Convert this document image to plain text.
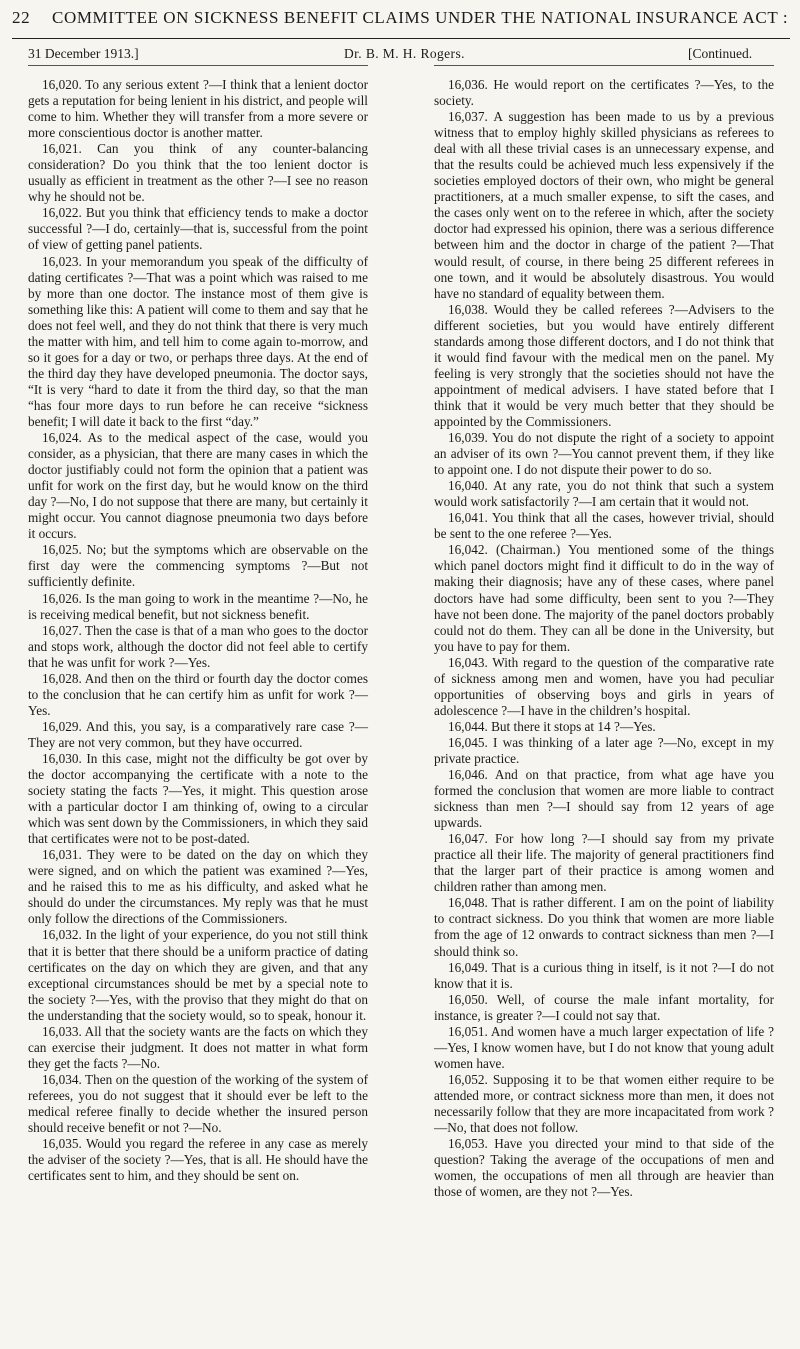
22	COMMITTEE ON SICKNESS BENEFIT CLAIMS UNDER THE NATIONAL INSURANCE ACT :
31 December 1913.]	Dr. B. M. H. Rogers.	[Continued.

16,020. To any serious extent ?—I think that a lenient doctor gets a reputation for being lenient in his district, and people will come to him. Whether they will transfer from a more severe or more conscientious doctor is another matter.

16,021. Can you think of any counter-balancing consideration? Do you think that the too lenient doctor is usually as efficient in treatment as the other ?—I see no reason why he should not be.

16,022. But you think that efficiency tends to make a doctor successful ?—I do, certainly—that is, successful from the point of view of getting panel patients.

16,023. In your memorandum you speak of the difficulty of dating certificates ?—That was a point which was raised to me by more than one doctor. The instance most of them give is something like this: A patient will come to them and say that he does not feel well, and they do not think that there is very much the matter with him, and tell him to come again to-morrow, and so it goes for a day or two, or perhaps three days. At the end of the third day they have developed pneumonia. The doctor says, “It is very “hard to date it from the third day, so that the man “has four more days to run before he can receive “sickness benefit; I will date it back to the first “day.”

16,024. As to the medical aspect of the case, would you consider, as a physician, that there are many cases in which the doctor justifiably could not form the opinion that a patient was unfit for work on the first day, but he would know on the third day ?—No, I do not suppose that there are many, but certainly it might occur. You cannot diagnose pneumonia two days before it occurs.

16,025. No; but the symptoms which are observable on the first day were the commencing symptoms ?—But not sufficiently definite.

16,026. Is the man going to work in the meantime ?—No, he is receiving medical benefit, but not sickness benefit.

16,027. Then the case is that of a man who goes to the doctor and stops work, although the doctor did not feel able to certify that he was unfit for work ?—Yes.

16,028. And then on the third or fourth day the doctor comes to the conclusion that he can certify him as unfit for work ?—Yes.

16,029. And this, you say, is a comparatively rare case ?—They are not very common, but they have occurred.

16,030. In this case, might not the difficulty be got over by the doctor accompanying the certificate with a note to the society stating the facts ?—Yes, it might. This question arose with a particular doctor I am thinking of, owing to a circular which was sent down by the Commissioners, in which they said that certificates were not to be post-dated.

16,031. They were to be dated on the day on which they were signed, and on which the patient was examined ?—Yes, and he raised this to me as his difficulty, and asked what he should do under the circumstances. My reply was that he must only follow the directions of the Commissioners.

16,032. In the light of your experience, do you not still think that it is better that there should be a uniform practice of dating certificates on the day on which they are given, and that any exceptional circumstances should be met by a special note to the society ?—Yes, with the proviso that they might do that on the understanding that the society would, so to speak, honour it.

16,033. All that the society wants are the facts on which they can exercise their judgment. It does not matter in what form they get the facts ?—No.

16,034. Then on the question of the working of the system of referees, you do not suggest that it should ever be left to the medical referee finally to decide whether the insured person should receive benefit or not ?—No.

16,035. Would you regard the referee in any case as merely the adviser of the society ?—Yes, that is all. He should have the certificates sent to him, and they should be sent on.

16,036. He would report on the certificates ?—Yes, to the society.

16,037. A suggestion has been made to us by a previous witness that to employ highly skilled physicians as referees to deal with all these trivial cases is an unnecessary expense, and that the results could be achieved much less expensively if the societies employed doctors of their own, who might be general practitioners, at a much smaller expense, to sift the cases, and the cases only went on to the referee in which, after the society doctor had expressed his opinion, there was a serious difference between him and the doctor in charge of the patient ?—That would result, of course, in there being 25 different referees in one town, and it would be absolutely disastrous. You would have no standard of equality between them.

16,038. Would they be called referees ?—Advisers to the different societies, but you would have entirely different standards among those different doctors, and I do not think that it would find favour with the medical men on the panel. My feeling is very strongly that the societies should not have the appointment of medical advisers. I have stated before that I think that it would be very much better that they should be appointed by the Commissioners.

16,039. You do not dispute the right of a society to appoint an adviser of its own ?—You cannot prevent them, if they like to appoint one. I do not dispute their power to do so.

16,040. At any rate, you do not think that such a system would work satisfactorily ?—I am certain that it would not.

16,041. You think that all the cases, however trivial, should be sent to the one referee ?—Yes.

16,042. (Chairman.) You mentioned some of the things which panel doctors might find it difficult to do in the way of making their diagnosis; have any of these cases, where panel doctors have had some difficulty, been sent to you ?—They have not been done. The majority of the panel doctors probably could not do them. They can all be done in the University, but you have to pay for them.

16,043. With regard to the question of the comparative rate of sickness among men and women, have you had peculiar opportunities of observing boys and girls in years of adolescence ?—I have in the children’s hospital.

16,044. But there it stops at 14 ?—Yes.

16,045. I was thinking of a later age ?—No, except in my private practice.

16,046. And on that practice, from what age have you formed the conclusion that women are more liable to contract sickness than men ?—I should say from 12 years of age upwards.

16,047. For how long ?—I should say from my private practice all their life. The majority of general practitioners find that the larger part of their practice is among women and children rather than among men.

16,048. That is rather different. I am on the point of liability to contract sickness. Do you think that women are more liable from the age of 12 onwards to contract sickness than men ?—I should think so.

16,049. That is a curious thing in itself, is it not ?—I do not know that it is.

16,050. Well, of course the male infant mortality, for instance, is greater ?—I could not say that.

16,051. And women have a much larger expectation of life ?—Yes, I know women have, but I do not know that young adult women have.

16,052. Supposing it to be that women either require to be attended more, or contract sickness more than men, it does not necessarily follow that they are more incapacitated from work ?—No, that does not follow.

16,053. Have you directed your mind to that side of the question? Taking the average of the occupations of men and women, the occupations of men all through are heavier than those of women, are they not ?—Yes.
